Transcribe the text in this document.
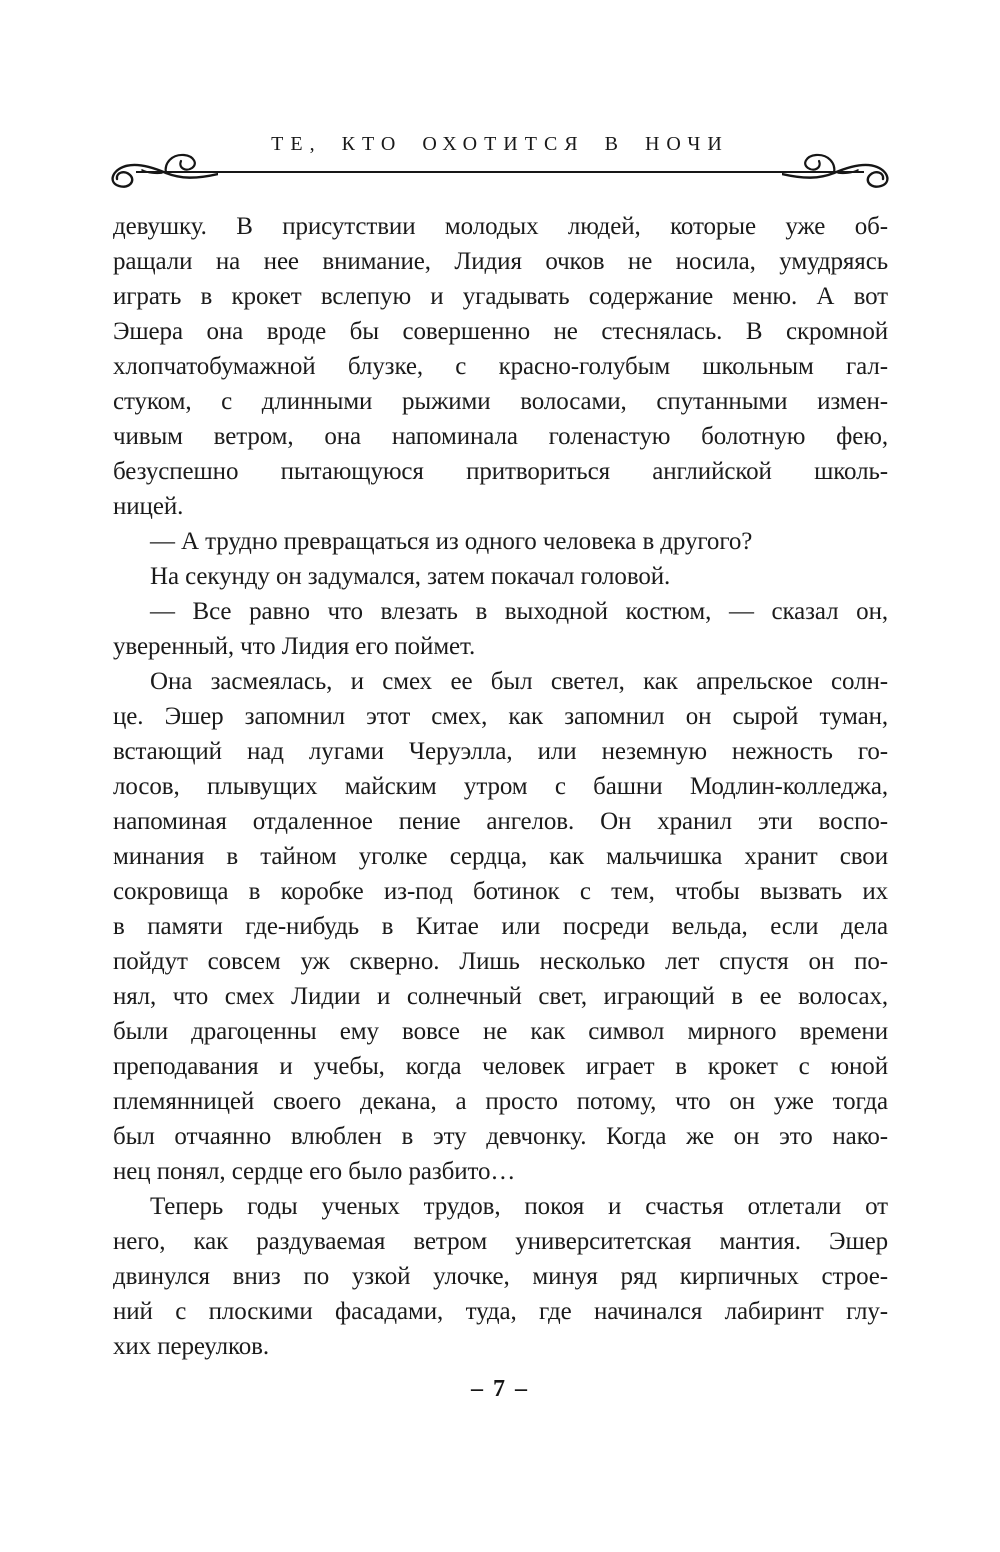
ТЕ, КТО ОХОТИТСЯ В НОЧИ
девушку. В присутствии молодых людей, которые уже об-
ращали на нее внимание, Лидия очков не носила, умудряясь
играть в крокет вслепую и угадывать содержание меню. А вот
Эшера она вроде бы совершенно не стеснялась. В скромной
хлопчатобумажной блузке, с красно-голубым школьным гал-
стуком, с длинными рыжими волосами, спутанными измен-
чивым ветром, она напоминала голенастую болотную фею,
безуспешно пытающуюся притвориться английской школь-
ницей.
— А трудно превращаться из одного человека в другого?
На секунду он задумался, затем покачал головой.
— Все равно что влезать в выходной костюм, — сказал он,
уверенный, что Лидия его поймет.
Она засмеялась, и смех ее был светел, как апрельское солн-
це. Эшер запомнил этот смех, как запомнил он сырой туман,
встающий над лугами Черуэлла, или неземную нежность го-
лосов, плывущих майским утром с башни Модлин-колледжа,
напоминая отдаленное пение ангелов. Он хранил эти воспо-
минания в тайном уголке сердца, как мальчишка хранит свои
сокровища в коробке из-под ботинок с тем, чтобы вызвать их
в памяти где-нибудь в Китае или посреди вельда, если дела
пойдут совсем уж скверно. Лишь несколько лет спустя он по-
нял, что смех Лидии и солнечный свет, играющий в ее волосах,
были драгоценны ему вовсе не как символ мирного времени
преподавания и учебы, когда человек играет в крокет с юной
племянницей своего декана, а просто потому, что он уже тогда
был отчаянно влюблен в эту девчонку. Когда же он это нако-
нец понял, сердце его было разбито…
Теперь годы ученых трудов, покоя и счастья отлетали от
него, как раздуваемая ветром университетская мантия. Эшер
двинулся вниз по узкой улочке, минуя ряд кирпичных строе-
ний с плоскими фасадами, туда, где начинался лабиринт глу-
хих переулков.
– 7 –
